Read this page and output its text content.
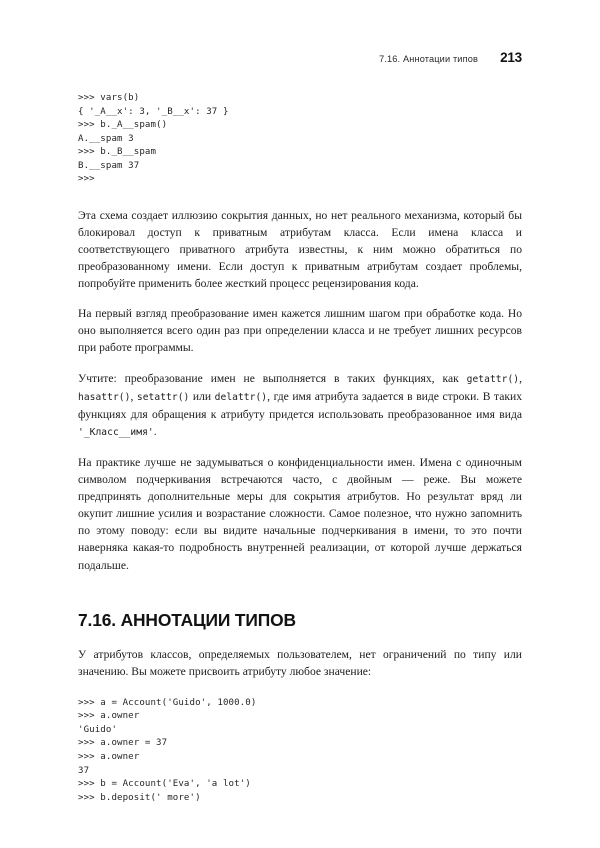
7.16. Аннотации типов	213
>>> vars(b)
{ '_A__x': 3, '_B__x': 37 }
>>> b._A__spam()
A.__spam 3
>>> b._B__spam
B.__spam 37
>>>

Эта схема создает иллюзию сокрытия данных, но нет реального механизма, который бы блокировал доступ к приватным атрибутам класса. Если имена класса и соответствующего приватного атрибута известны, к ним можно обратиться по преобразованному имени. Если доступ к приватным атрибутам создает проблемы, попробуйте применить более жесткий процесс рецензирования кода.

На первый взгляд преобразование имен кажется лишним шагом при обработке кода. Но оно выполняется всего один раз при определении класса и не требует лишних ресурсов при работе программы.

Учтите: преобразование имен не выполняется в таких функциях, как getattr(), hasattr(), setattr() или delattr(), где имя атрибута задается в виде строки. В таких функциях для обращения к атрибуту придется использовать преобразованное имя вида '_Класс__имя'.

На практике лучше не задумываться о конфиденциальности имен. Имена с одиночным символом подчеркивания встречаются часто, с двойным — реже. Вы можете предпринять дополнительные меры для сокрытия атрибутов. Но результат вряд ли окупит лишние усилия и возрастание сложности. Самое полезное, что нужно запомнить по этому поводу: если вы видите начальные подчеркивания в имени, то это почти наверняка какая-то подробность внутренней реализации, от которой лучше держаться подальше.

7.16. АННОТАЦИИ ТИПОВ

У атрибутов классов, определяемых пользователем, нет ограничений по типу или значению. Вы можете присвоить атрибуту любое значение:

>>> a = Account('Guido', 1000.0)
>>> a.owner
'Guido'
>>> a.owner = 37
>>> a.owner
37
>>> b = Account('Eva', 'a lot')
>>> b.deposit(' more')
